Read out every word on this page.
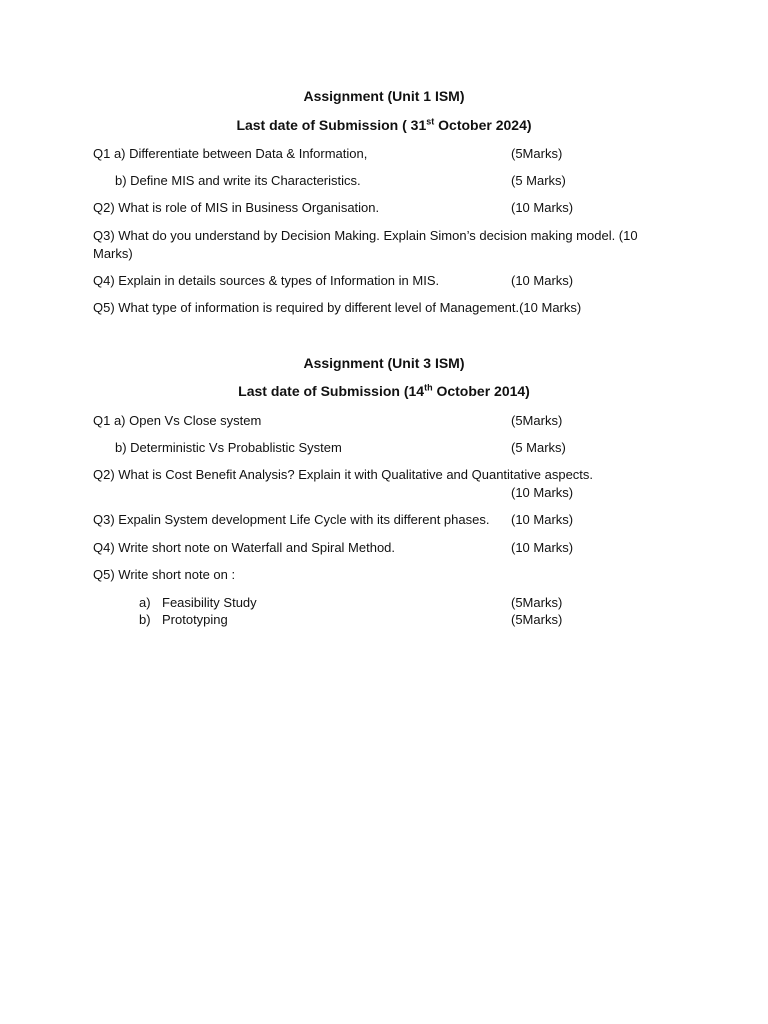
Assignment (Unit 1 ISM)
Last date of Submission ( 31st October 2024)
Q1 a) Differentiate between Data & Information,	(5Marks)
b) Define MIS and write its Characteristics.	(5 Marks)
Q2) What is role of MIS in Business Organisation.	(10 Marks)
Q3) What do you understand by Decision Making. Explain Simon’s decision making model. (10 Marks)
Q4) Explain in details sources & types of Information in MIS.	(10 Marks)
Q5) What type of information is required by different level of Management.(10 Marks)
Assignment (Unit 3 ISM)
Last date of Submission (14th October 2014)
Q1 a) Open Vs Close system	(5Marks)
b) Deterministic Vs Probablistic System	(5 Marks)
Q2) What is Cost Benefit Analysis? Explain it with Qualitative and Quantitative aspects.
(10 Marks)
Q3) Expalin System development Life Cycle with its different phases.	(10 Marks)
Q4) Write short note on Waterfall and Spiral Method.	(10 Marks)
Q5) Write short note on :
a) Feasibility Study	(5Marks)
b) Prototyping	(5Marks)
